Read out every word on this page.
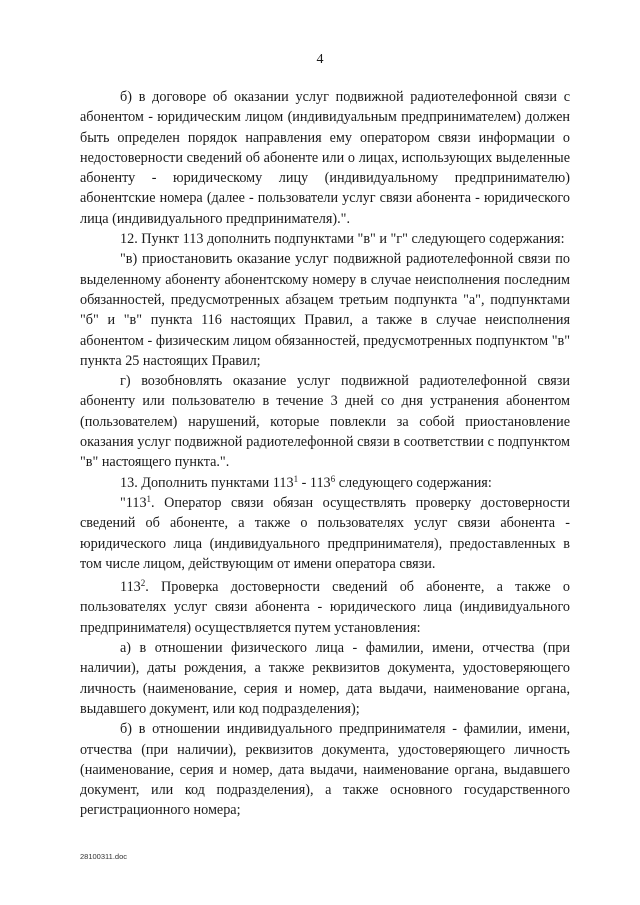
4

б) в договоре об оказании услуг подвижной радиотелефонной связи с абонентом - юридическим лицом (индивидуальным предпринимателем) должен быть определен порядок направления ему оператором связи информации о недостоверности сведений об абоненте или о лицах, использующих выделенные абоненту - юридическому лицу (индивидуальному предпринимателю) абонентские номера (далее - пользователи услуг связи абонента - юридического лица (индивидуального предпринимателя).".

12. Пункт 113 дополнить подпунктами "в" и "г" следующего содержания:

"в) приостановить оказание услуг подвижной радиотелефонной связи по выделенному абоненту абонентскому номеру в случае неисполнения последним обязанностей, предусмотренных абзацем третьим подпункта "а", подпунктами "б" и "в" пункта 116 настоящих Правил, а также в случае неисполнения абонентом - физическим лицом обязанностей, предусмотренных подпунктом "в" пункта 25 настоящих Правил;

г) возобновлять оказание услуг подвижной радиотелефонной связи абоненту или пользователю в течение 3 дней со дня устранения абонентом (пользователем) нарушений, которые повлекли за собой приостановление оказания услуг подвижной радиотелефонной связи в соответствии с подпунктом "в" настоящего пункта.".

13. Дополнить пунктами $113^1 - 113^6$ следующего содержания:

"$113^1$. Оператор связи обязан осуществлять проверку достоверности сведений об абоненте, а также о пользователях услуг связи абонента - юридического лица (индивидуального предпринимателя), предоставленных в том числе лицом, действующим от имени оператора связи.

$113^2$. Проверка достоверности сведений об абоненте, а также о пользователях услуг связи абонента - юридического лица (индивидуального предпринимателя) осуществляется путем установления:

а) в отношении физического лица - фамилии, имени, отчества (при наличии), даты рождения, а также реквизитов документа, удостоверяющего личность (наименование, серия и номер, дата выдачи, наименование органа, выдавшего документ, или код подразделения);

б) в отношении индивидуального предпринимателя - фамилии, имени, отчества (при наличии), реквизитов документа, удостоверяющего личность (наименование, серия и номер, дата выдачи, наименование органа, выдавшего документ, или код подразделения), а также основного государственного регистрационного номера;

28100311.doc
